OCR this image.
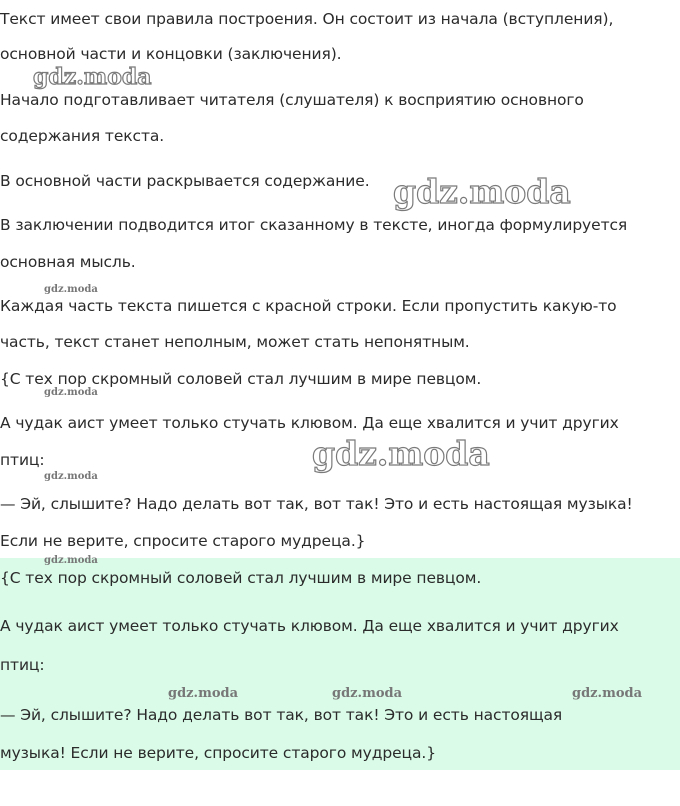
Текст имеет свои правила построения. Он состоит из начала (вступления),
основной части и концовки (заключения).
Начало подготавливает читателя (слушателя) к восприятию основного
содержания текста.
В основной части раскрывается содержание.
В заключении подводится итог сказанному в тексте, иногда формулируется
основная мысль.
Каждая часть текста пишется с красной строки. Если пропустить какую-то
часть, текст станет неполным, может стать непонятным.
{С тех пор скромный соловей стал лучшим в мире певцом.
А чудак аист умеет только стучать клювом. Да еще хвалится и учит других
птиц:
— Эй, слышите? Надо делать вот так, вот так! Это и есть настоящая музыка!
Если не верите, спросите старого мудреца.}
{С тех пор скромный соловей стал лучшим в мире певцом.
А чудак аист умеет только стучать клювом. Да еще хвалится и учит других
птиц:
— Эй, слышите? Надо делать вот так, вот так! Это и есть настоящая
музыка! Если не верите, спросите старого мудреца.}
gdz.moda
gdz.moda
gdz.moda
gdz.moda
gdz.moda
gdz.moda
gdz.moda
gdz.moda	gdz.moda	gdz.moda
